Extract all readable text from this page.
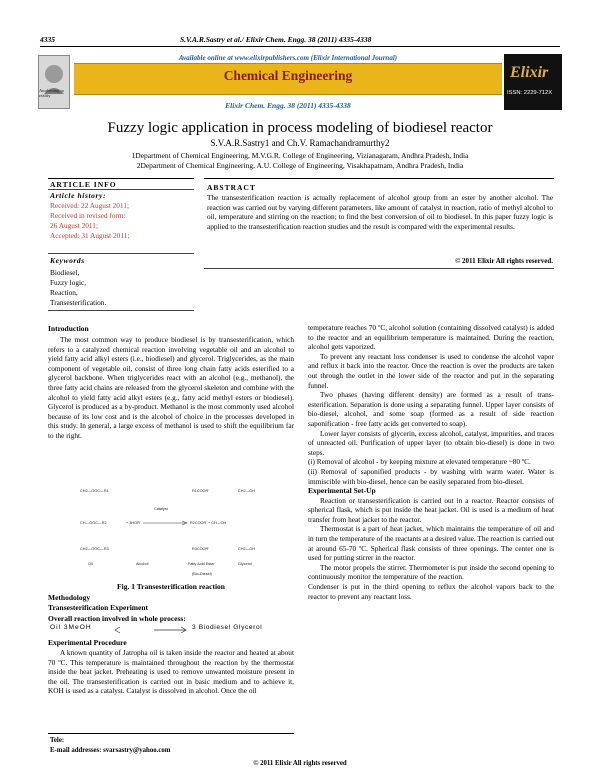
4335	S.V.A.R.Sastry et al./ Elixir Chem. Engg. 38 (2011) 4335-4338
Awakening to reality
Available online at www.elixirpublishers.com (Elixir International Journal)
Chemical Engineering
Elixir Chem. Engg. 38 (2011) 4335-4338
Elixir
ISSN: 2229-712X
Fuzzy logic application in process modeling of biodiesel reactor
S.V.A.R.Sastry1 and Ch.V. Ramachandramurthy2
1Department of Chemical Engineering, M.V.G.R. College of Engineering, Vizianagaram, Andhra Pradesh, India
2Department of Chemical Engineering, A.U. College of Engineering, Visakhapatnam, Andhra Pradesh, India
ARTICLE INFO
Article history:
Received: 22 August 2011;
Received in revised form:
26 August 2011;
Accepted: 31 August 2011;
Keywords
Biodiesel,
Fuzzy logic,
Reaction,
Transesterification.
ABSTRACT
The transesterification reaction is actually replacement of alcohol group from an ester by another alcohol. The reaction was carried out by varying different parameters, like amount of catalyst in reaction, ratio of methyl alcohol to oil, temperature and stirring on the reaction; to find the best conversion of oil to biodiesel. In this paper fuzzy logic is applied to the transesterification reaction studies and the result is compared with the experimental results.
© 2011 Elixir All rights reserved.
Introduction

The most common way to produce biodiesel is by transesterification, which refers to a catalyzed chemical reaction involving vegetable oil and an alcohol to yield fatty acid alkyl esters (i.e., biodiesel) and glycerol. Triglycerides, as the main component of vegetable oil, consist of three long chain fatty acids esterified to a glycerol backbone. When triglycerides react with an alcohol (e.g., methanol), the three fatty acid chains are released from the glycerol skeleton and combine with the alcohol to yield fatty acid alkyl esters (e.g., fatty acid methyl esters or biodiesel). Glycerol is produced as a by-product. Methanol is the most commonly used alcohol because of its low cost and is the alcohol of choice in the processes developed in this study. In general, a large excess of methanol is used to shift the equilibrium far to the right.

CH2—OOC—R1	R1COOR'	CH2—OH
Catalyst
CH—OOC—R2	+ 3HOR'	R2COOR' + CH—OH
CH2—OOC—R3	R3COOR'	CH2—OH
Oil	Alcohol	Fatty Acid Ester	Glycerol
(Bio-Diesel)
Fig. 1 Transesterification reaction
Methodology
Transesterification Experiment
Overall reaction involved in whole process:
Oil 3MeOH	3 Biodiesel Glycerol
Experimental Procedure

A known quantity of Jatropha oil is taken inside the reactor and heated at about 70 ºC. This temperature is maintained throughout the reaction by the thermostat inside the heat jacket. Preheating is used to remove unwanted moisture present in the oil. The transesterification is carried out in basic medium and to achieve it, KOH is used as a catalyst. Catalyst is dissolved in alcohol. Once the oil

temperature reaches 70 ºC, alcohol solution (containing dissolved catalyst) is added to the reactor and an equilibrium temperature is maintained. During the reaction, alcohol gets vaporized.

To prevent any reactant loss condenser is used to condense the alcohol vapor and reflux it back into the reactor. Once the reaction is over the products are taken out through the outlet in the lower side of the reactor and put in the separating funnel.

Two phases (having different density) are formed as a result of trans-esterification. Separation is done using a separating funnel. Upper layer consists of bio-diesel, alcohol, and some soap (formed as a result of side reaction saponification - free fatty acids get converted to soap).

Lower layer consists of glycerin, excess alcohol, catalyst, impurities, and traces of unreacted oil. Purification of upper layer (to obtain bio-diesel) is done in two steps.

(i) Removal of alcohol - by keeping mixture at elevated temperature ~80 ºC.

(ii) Removal of saponified products - by washing with warm water. Water is immiscible with bio-diesel, hence can be easily separated from bio-diesel.

Experimental Set-Up

Reaction or transesterification is carried out in a reactor. Reactor consists of spherical flask, which is put inside the heat jacket. Oil is used is a medium of heat transfer from heat jacket to the reactor.

Thermostat is a part of heat jacket, which maintains the temperature of oil and in turn the temperature of the reactants at a desired value. The reaction is carried out at around 65-70 ºC. Spherical flask consists of three openings. The center one is used for putting stirrer in the reactor.

The motor propels the stirrer. Thermometer is put inside the second opening to continuously monitor the temperature of the reaction.

Condenser is put in the third opening to reflux the alcohol vapors back to the reactor to prevent any reactant loss.

Tele:
E-mail addresses: svarsastry@yahoo.com
© 2011 Elixir All rights reserved
